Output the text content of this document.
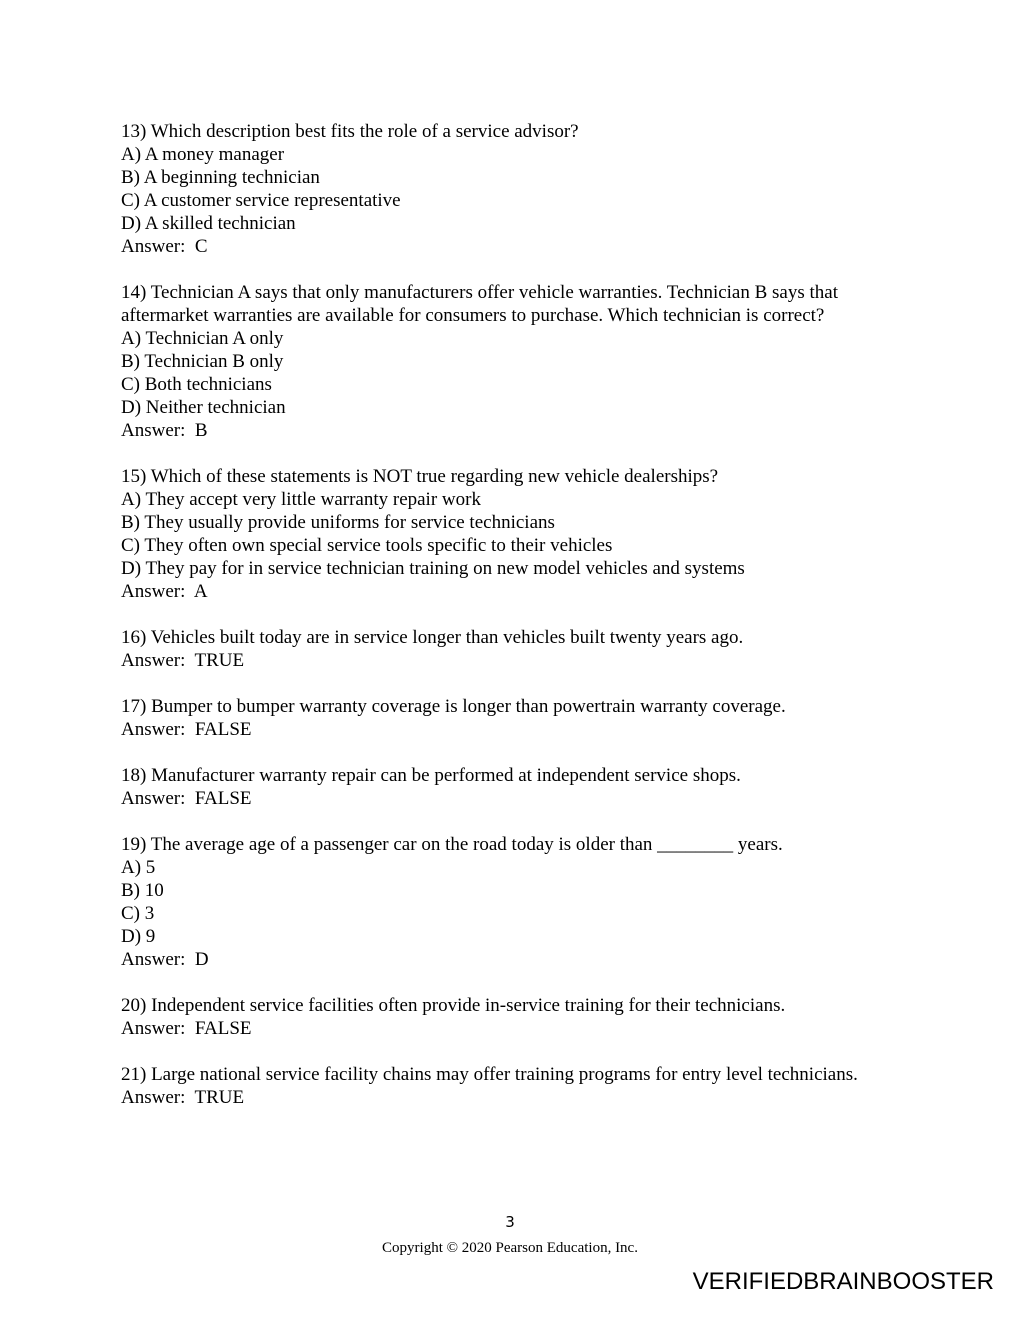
13) Which description best fits the role of a service advisor?
A) A money manager
B) A beginning technician
C) A customer service representative
D) A skilled technician
Answer:  C
14) Technician A says that only manufacturers offer vehicle warranties. Technician B says that
aftermarket warranties are available for consumers to purchase. Which technician is correct?
A) Technician A only
B) Technician B only
C) Both technicians
D) Neither technician
Answer:  B
15) Which of these statements is NOT true regarding new vehicle dealerships?
A) They accept very little warranty repair work
B) They usually provide uniforms for service technicians
C) They often own special service tools specific to their vehicles
D) They pay for in service technician training on new model vehicles and systems
Answer:  A
16) Vehicles built today are in service longer than vehicles built twenty years ago.
Answer:  TRUE
17) Bumper to bumper warranty coverage is longer than powertrain warranty coverage.
Answer:  FALSE
18) Manufacturer warranty repair can be performed at independent service shops.
Answer:  FALSE
19) The average age of a passenger car on the road today is older than ________ years.
A) 5
B) 10
C) 3
D) 9
Answer:  D
20) Independent service facilities often provide in-service training for their technicians.
Answer:  FALSE
21) Large national service facility chains may offer training programs for entry level technicians.
Answer:  TRUE
3
Copyright © 2020 Pearson Education, Inc.
VERIFIEDBRAINBOOSTER
